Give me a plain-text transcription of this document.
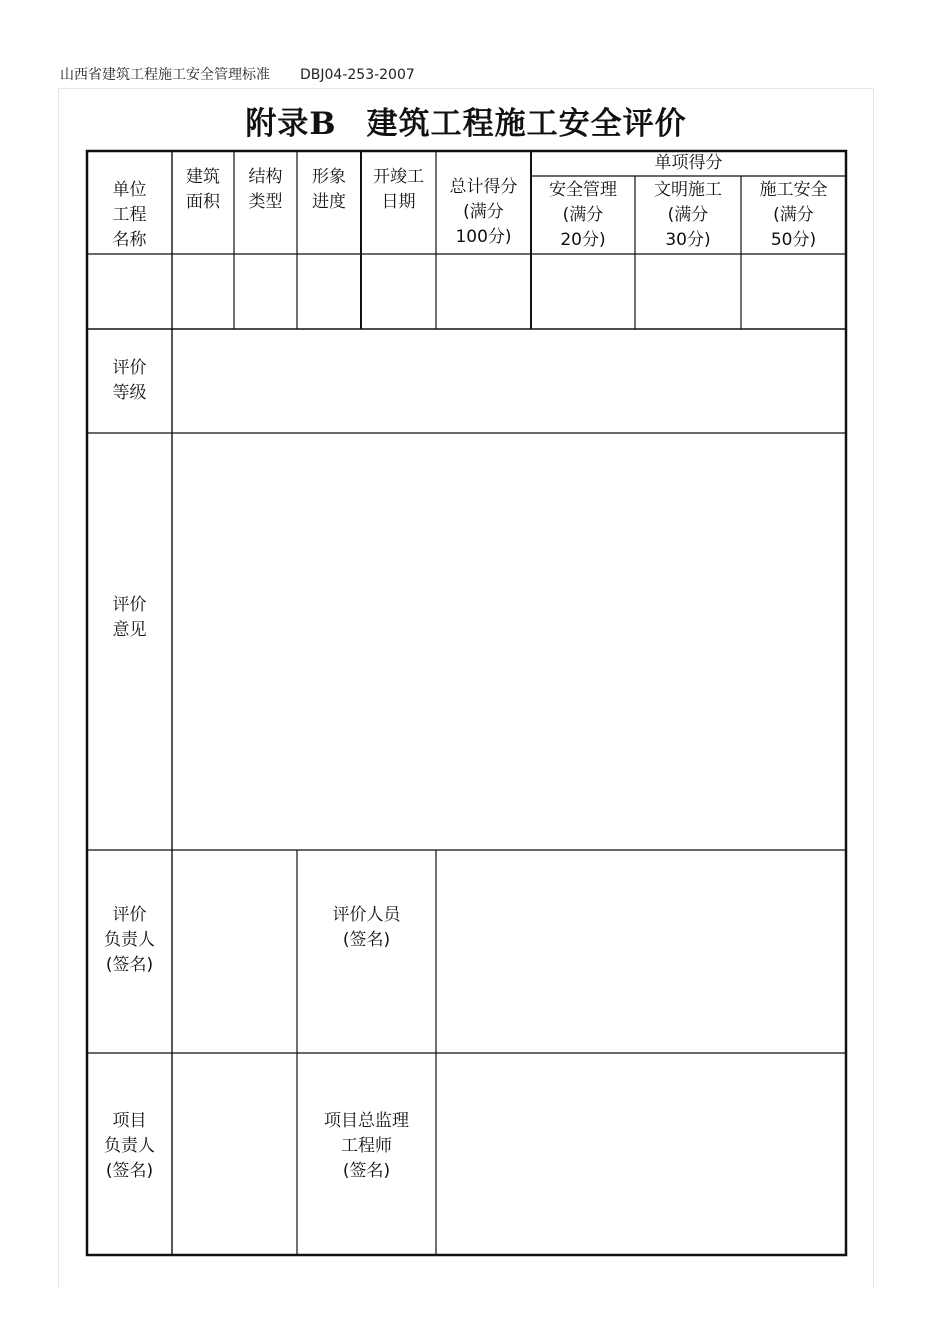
山西省建筑工程施工安全管理标准 DBJ04-253-2007
附录B 建筑工程施工安全评价
单位
工程
名称
建筑
面积
结构
类型
形象
进度
开竣工
日期
总计得分
(满分
100分)
单项得分
安全管理
(满分
20分)
文明施工
(满分
30分)
施工安全
(满分
50分)
评价
等级
评价
意见
评价
负责人
(签名)
评价人员
(签名)
项目
负责人
(签名)
项目总监理
工程师
(签名)
